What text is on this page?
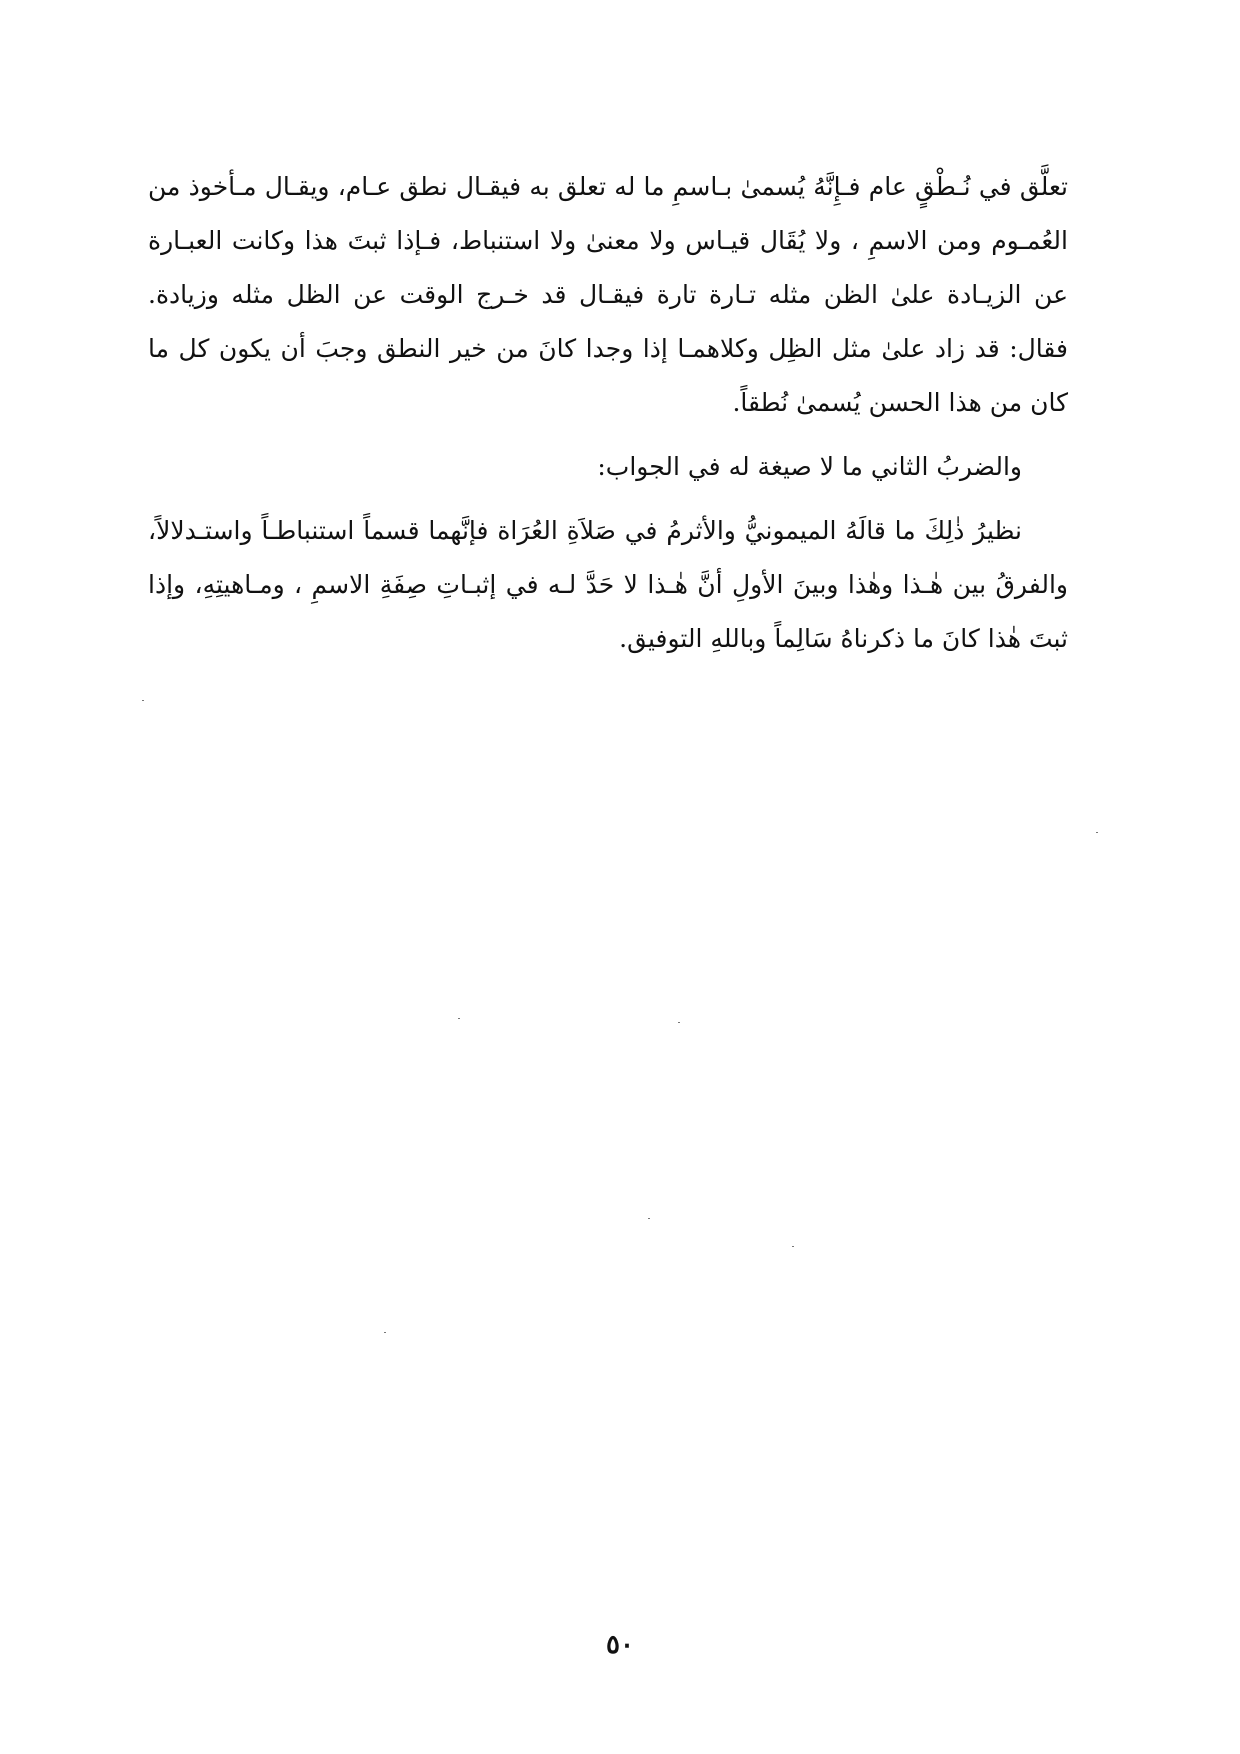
تعلَّق في نُـطْقٍ عام فـإِنَّهُ يُسمىٰ بـاسمِ ما له تعلق به فيقـال نطق عـام، ويقـال مـأخوذ من العُمـوم ومن الاسمِ ، ولا يُقَال قيـاس ولا معنىٰ ولا استنباط، فـإذا ثبتَ هذا وكانت العبـارة عن الزيـادة علىٰ الظن مثله تـارة تارة فيقـال قد خـرج الوقت عن الظل مثله وزيادة. فقال: قد زاد علىٰ مثل الظِل وكلاهمـا إذا وجدا كانَ من خير النطق وجبَ أن يكون كل ما كان من هذا الحسن يُسمىٰ نُطقاً.

والضربُ الثاني ما لا صيغة له في الجواب:

نظيرُ ذٰلِكَ ما قالَهُ الميمونيُّ والأثرمُ في صَلاَةِ العُرَاة فإنَّهما قسماً استنباطـاً واستـدلالاً، والفرقُ بين هٰـذا وهٰذا وبينَ الأولِ أنَّ هٰـذا لا حَدَّ لـه في إثبـاتِ صِفَةِ الاسمِ ، ومـاهيتِهِ، وإذا ثبتَ هٰذا كانَ ما ذكرناهُ سَالِماً وباللهِ التوفيق.

٥٠
